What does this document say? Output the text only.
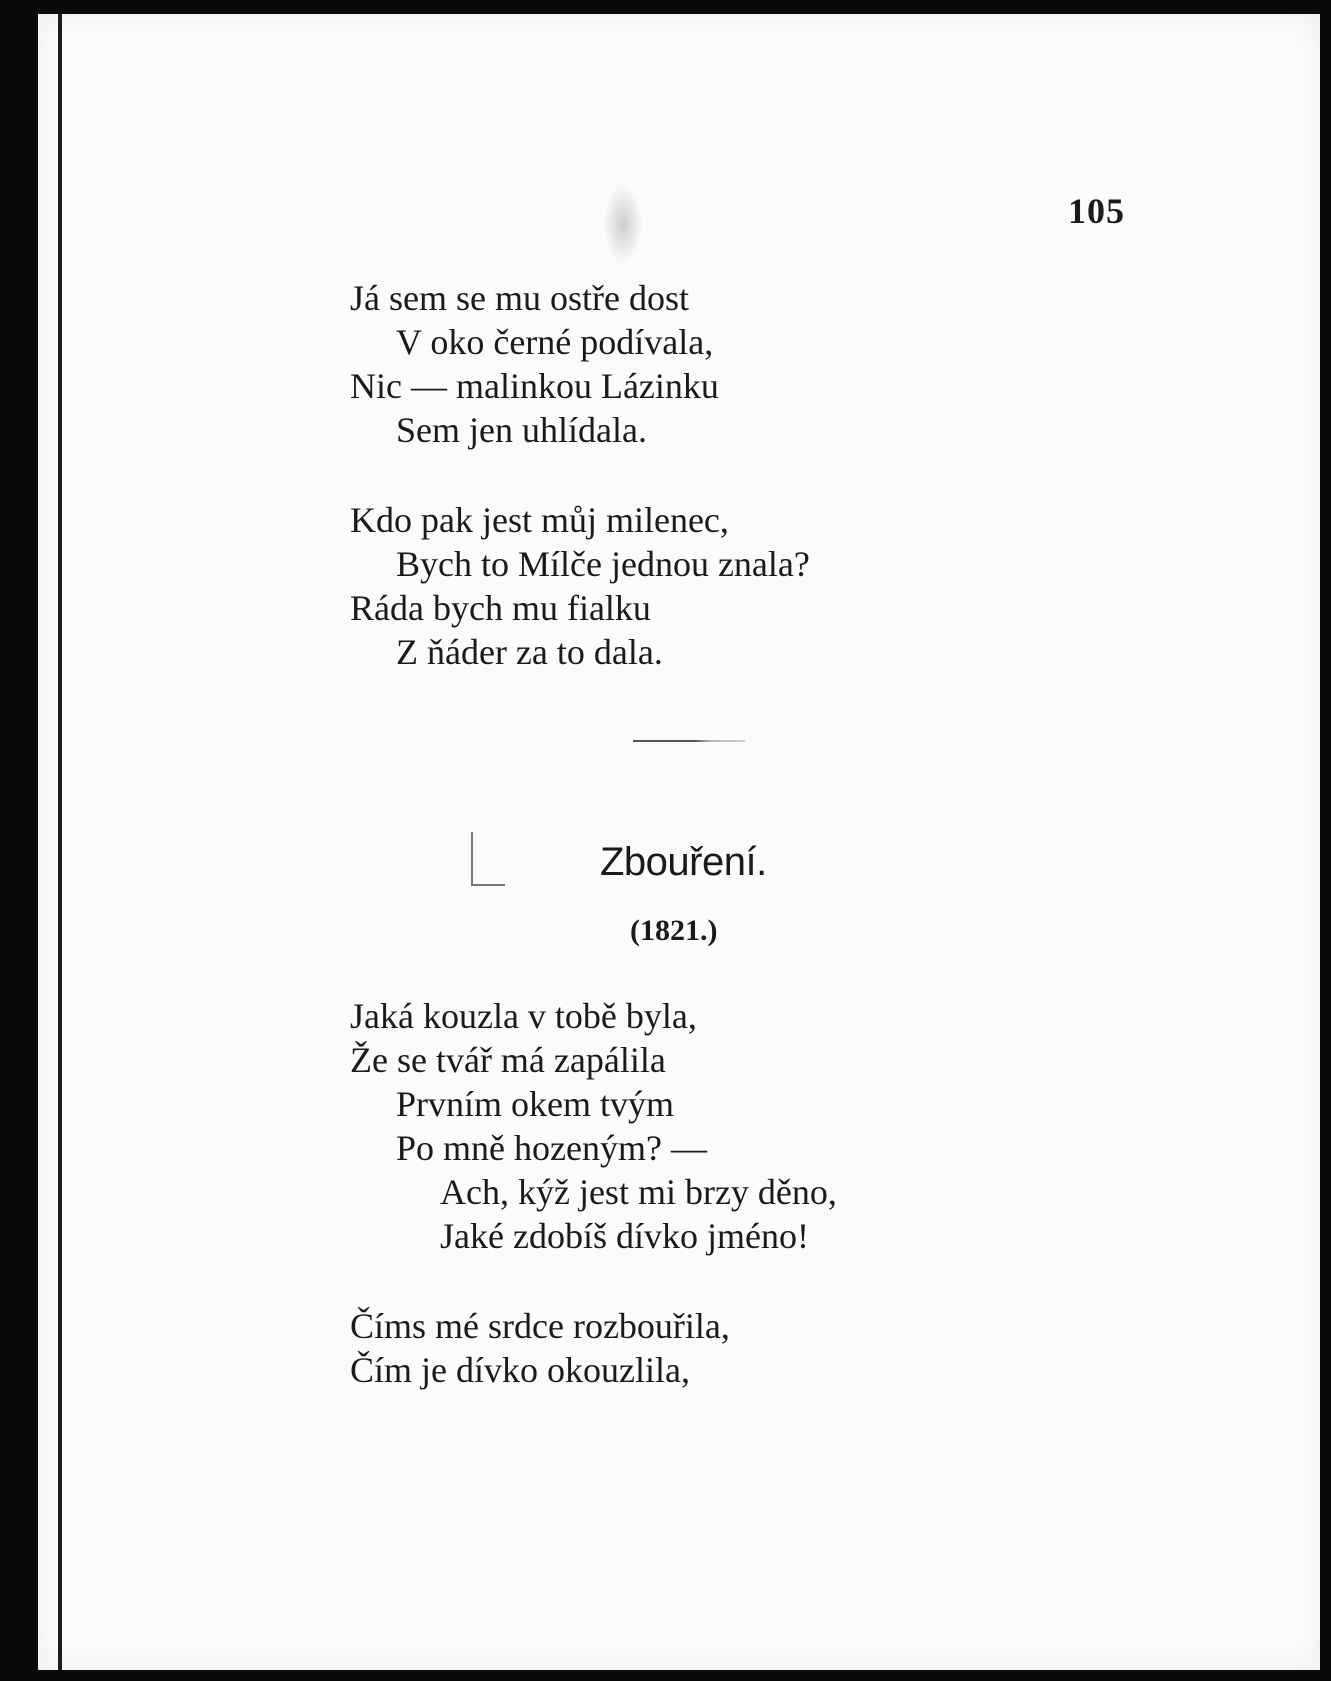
105
Já sem se mu ostře dost
V oko černé podívala,
Nic — malinkou Lázinku
Sem jen uhlídala.
Kdo pak jest můj milenec,
Bych to Mílče jednou znala?
Ráda bych mu fialku
Z ňáder za to dala.
Zbouření.
(1821.)
Jaká kouzla v tobě byla,
Že se tvář má zapálila
Prvním okem tvým
Po mně hozeným? —
Ach, kýž jest mi brzy děno,
Jaké zdobíš dívko jméno!
Číms mé srdce rozbouřila,
Čím je dívko okouzlila,
